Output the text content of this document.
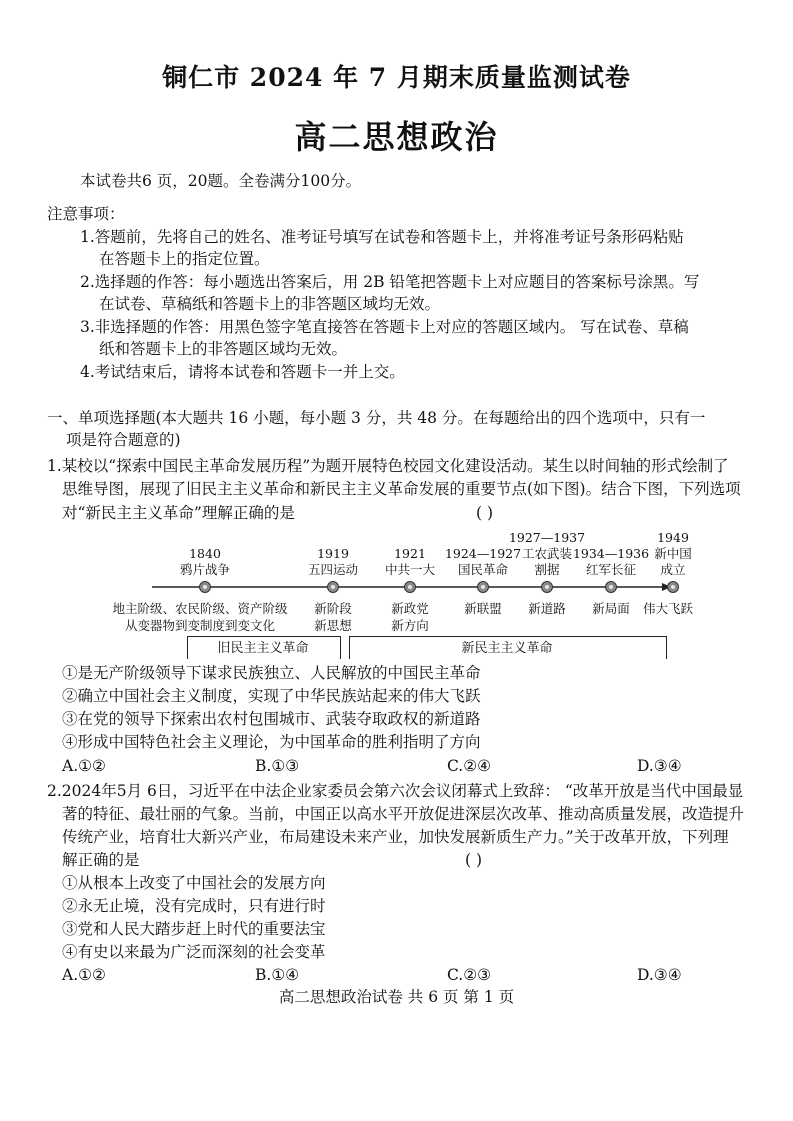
铜仁市 2024 年 7 月期末质量监测试卷
高二思想政治
本试卷共6 页，20题。全卷满分100分。
注意事项：
1.答题前，先将自己的姓名、准考证号填写在试卷和答题卡上，并将准考证号条形码粘贴
在答题卡上的指定位置。
2.选择题的作答：每小题选出答案后，用 2B 铅笔把答题卡上对应题目的答案标号涂黑。写
在试卷、草稿纸和答题卡上的非答题区域均无效。
3.非选择题的作答：用黑色签字笔直接答在答题卡上对应的答题区域内。 写在试卷、草稿
纸和答题卡上的非答题区域均无效。
4.考试结束后，请将本试卷和答题卡一并上交。
一、单项选择题(本大题共 16 小题，每小题 3 分，共 48 分。在每题给出的四个选项中，只有一
项是符合题意的)
1.某校以“探索中国民主革命发展历程”为题开展特色校园文化建设活动。某生以时间轴的形式绘制了
思维导图，展现了旧民主主义革命和新民主主义革命发展的重要节点(如下图)。结合下图，下列选项
对“新民主主义革命”理解正确的是	( )
1840
鸦片战争
1919
五四运动
1921
中共一大
1924—1927
国民革命
1927—1937
工农武装
割据
1934—1936
红军长征
1949
新中国
成立
地主阶级、农民阶级、资产阶级
从变器物到变制度到变文化
新阶段
新思想
新政党
新方向
新联盟	新道路	新局面	伟大飞跃
旧民主主义革命	新民主主义革命
①是无产阶级领导下谋求民族独立、人民解放的中国民主革命
②确立中国社会主义制度，实现了中华民族站起来的伟大飞跃
③在党的领导下探索出农村包围城市、武装夺取政权的新道路
④形成中国特色社会主义理论，为中国革命的胜利指明了方向
A.①②	B.①③	C.②④	D.③④
2.2024年5月 6日，习近平在中法企业家委员会第六次会议闭幕式上致辞： “改革开放是当代中国最显
著的特征、最壮丽的气象。当前，中国正以高水平开放促进深层次改革、推动高质量发展，改造提升
传统产业，培育壮大新兴产业，布局建设未来产业，加快发展新质生产力。”关于改革开放，下列理
解正确的是	( )
①从根本上改变了中国社会的发展方向
②永无止境，没有完成时，只有进行时
③党和人民大踏步赶上时代的重要法宝
④有史以来最为广泛而深刻的社会变革
A.①②	B.①④	C.②③	D.③④
高二思想政治试卷 共 6 页 第 1 页
